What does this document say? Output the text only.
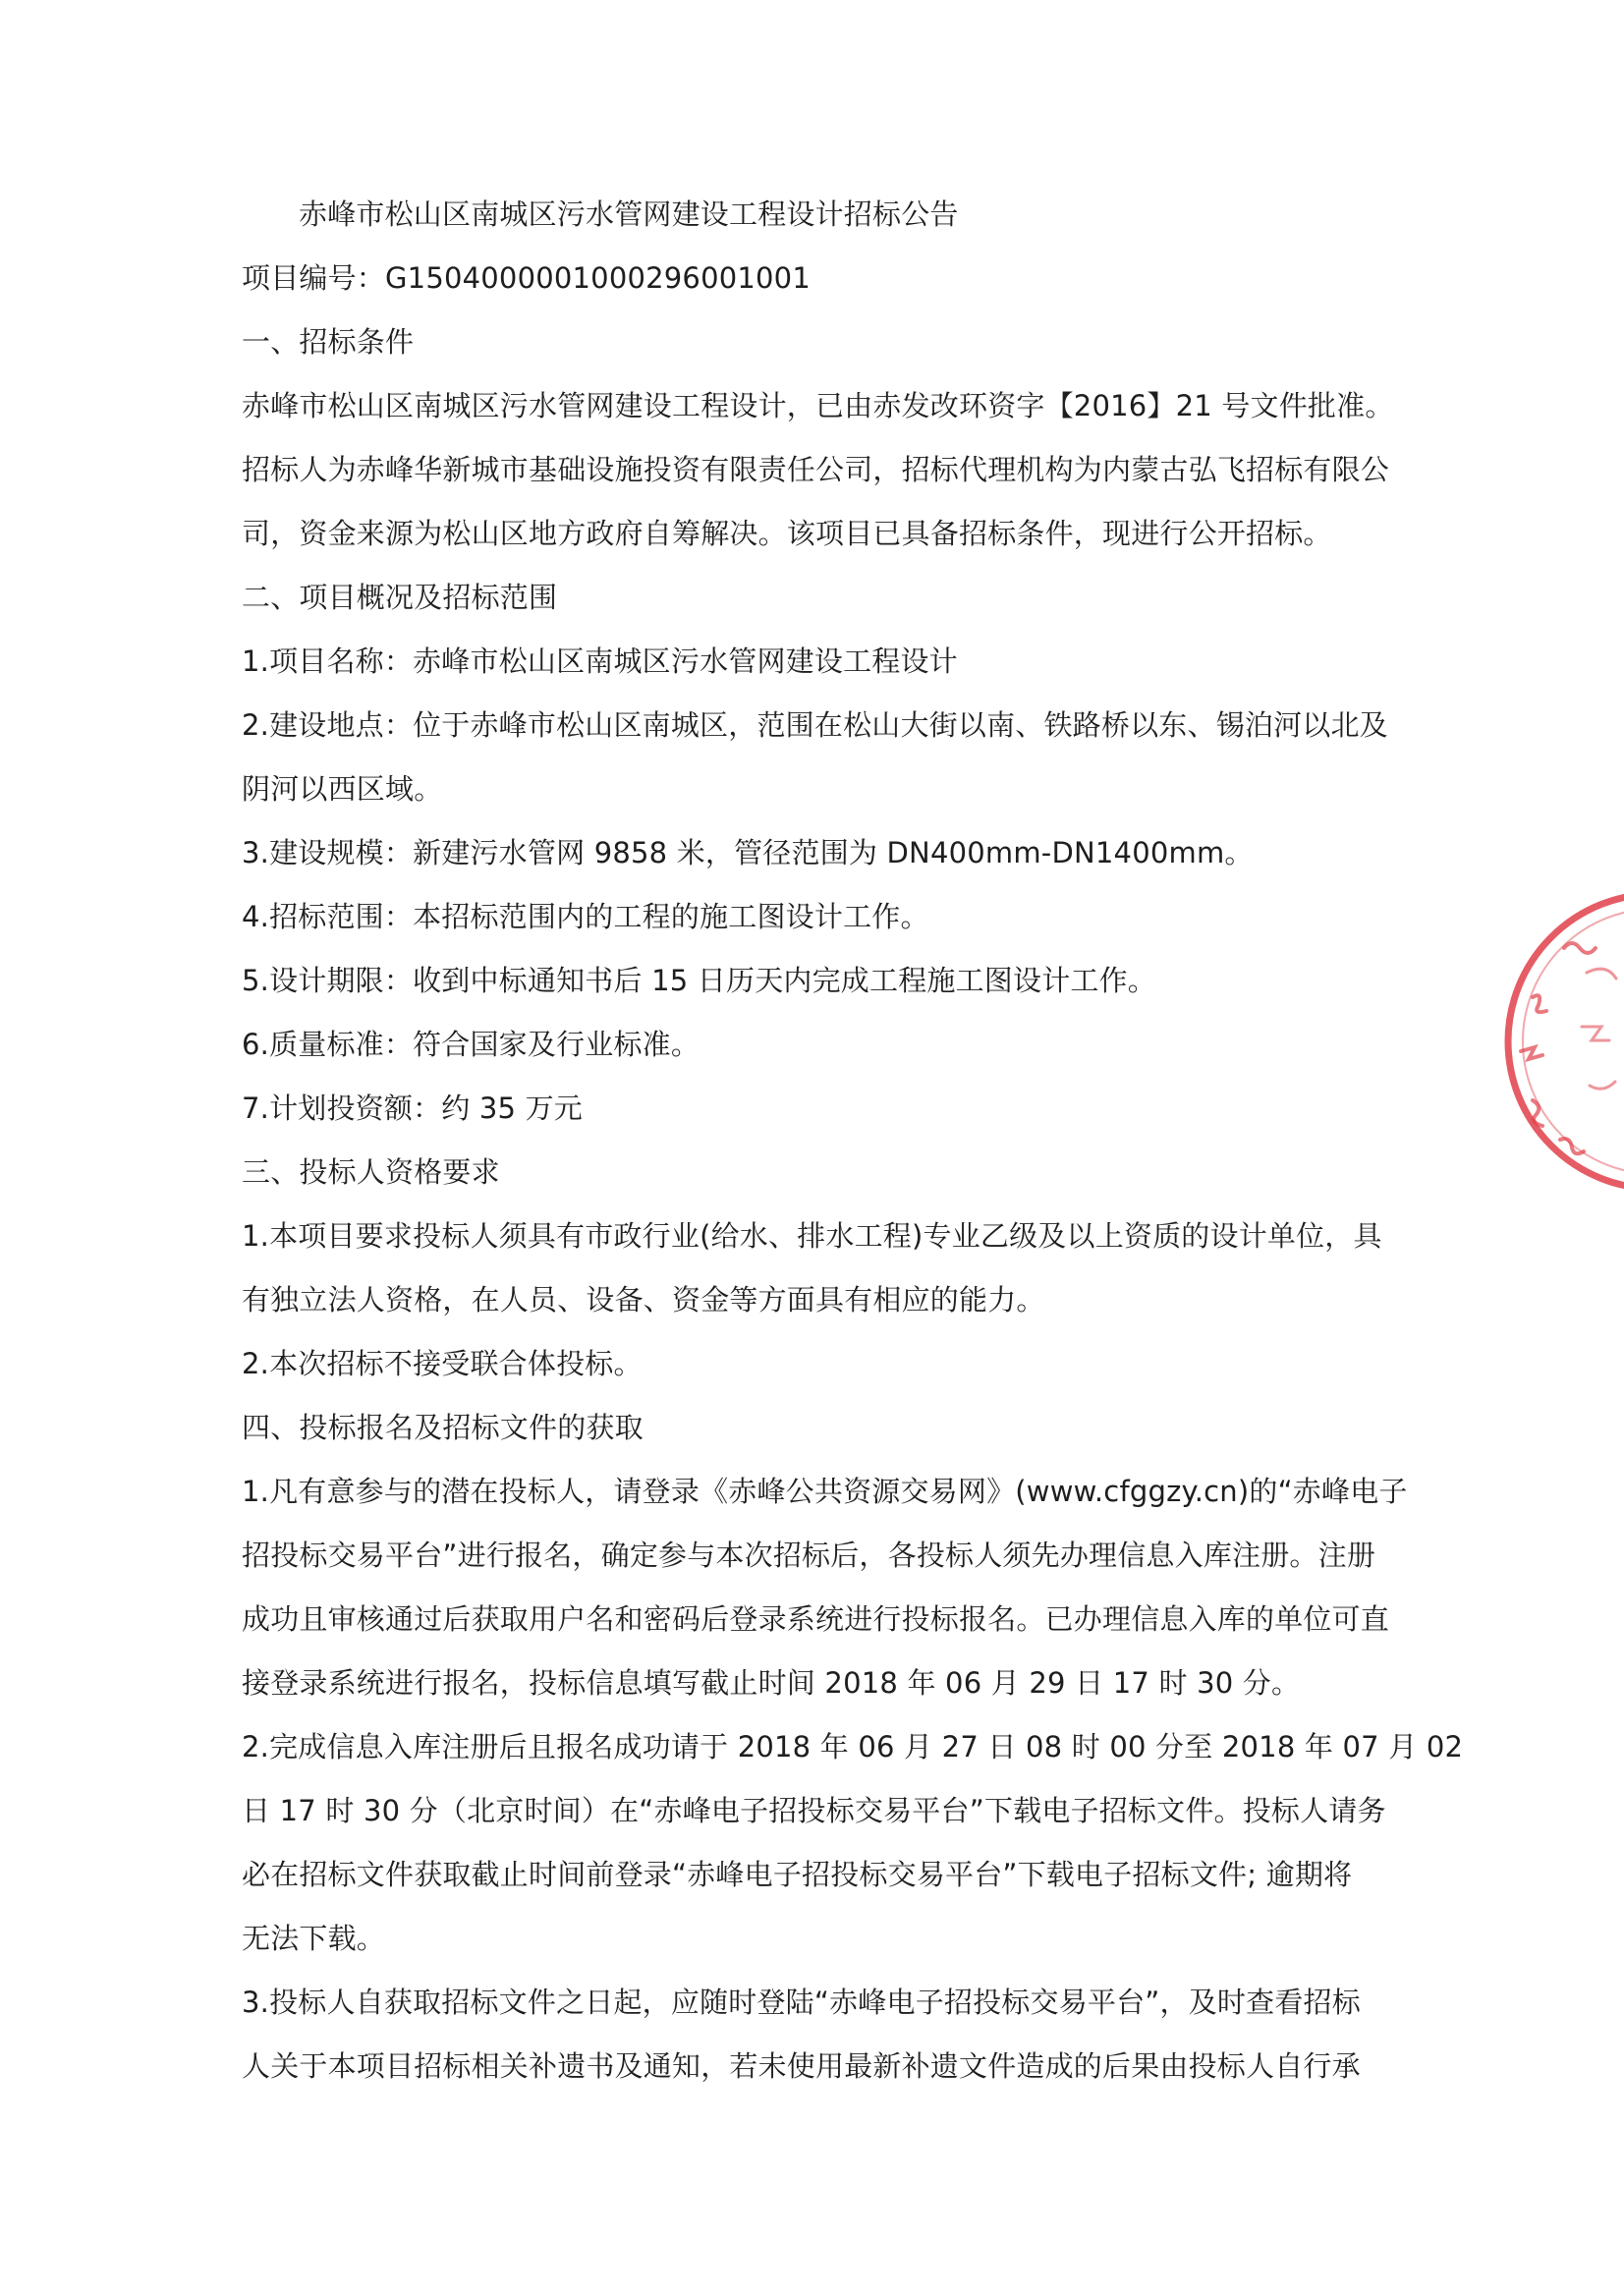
赤峰市松山区南城区污水管网建设工程设计招标公告
项目编号：G150400000100029600​1001
一、招标条件
赤峰市松山区南城区污水管网建设工程设计，已由赤发改环资字【2016】21 号文件批准。
招标人为赤峰华新城市基础设施投资有限责任公司，招标代理机构为内蒙古弘飞招标有限公
司，资金来源为松山区地方政府自筹解决。该项目已具备招标条件，现进行公开招标。
二、项目概况及招标范围
1.项目名称：赤峰市松山区南城区污水管网建设工程设计
2.建设地点：位于赤峰市松山区南城区，范围在松山大街以南、铁路桥以东、锡泊河以北及
阴河以西区域。
3.建设规模：新建污水管网 9858 米，管径范围为 DN400mm-DN1400mm。
4.招标范围：本招标范围内的工程的施工图设计工作。
5.设计期限：收到中标通知书后 15 日历天内完成工程施工图设计工作。
6.质量标准：符合国家及行业标准。
7.计划投资额：约 35 万元
三、投标人资格要求
1.本项目要求投标人须具有市政行业(给水、排水工程)专业乙级及以上资质的设计单位，具
有独立法人资格，在人员、设备、资金等方面具有相应的能力。
2.本次招标不接受联合体投标。
四、投标报名及招标文件的获取
1.凡有意参与的潜在投标人，请登录《赤峰公共资源交易网》(www.cfggzy.cn)的“赤峰电子
招投标交易平台”进行报名，确定参与本次招标后，各投标人须先办理信息入库注册。注册
成功且审核通过后获取用户名和密码后登录系统进行投标报名。已办理信息入库的单位可直
接登录系统进行报名，投标信息填写截止时间 2018 年 06 月 29 日 17 时 30 分。
2.完成信息入库注册后且报名成功请于 2018 年 06 月 27 日 08 时 00 分至 2018 年 07 月 02
日 17 时 30 分（北京时间）在“赤峰电子招投标交易平台”下载电子招标文件。投标人请务
必在招标文件获取截止时间前登录“赤峰电子招投标交易平台”下载电子招标文件; 逾期将
无法下载。
3.投标人自获取招标文件之日起，应随时登陆“赤峰电子招投标交易平台”，及时查看招标
人关于本项目招标相关补遗书及通知，若未使用最新补遗文件造成的后果由投标人自行承
